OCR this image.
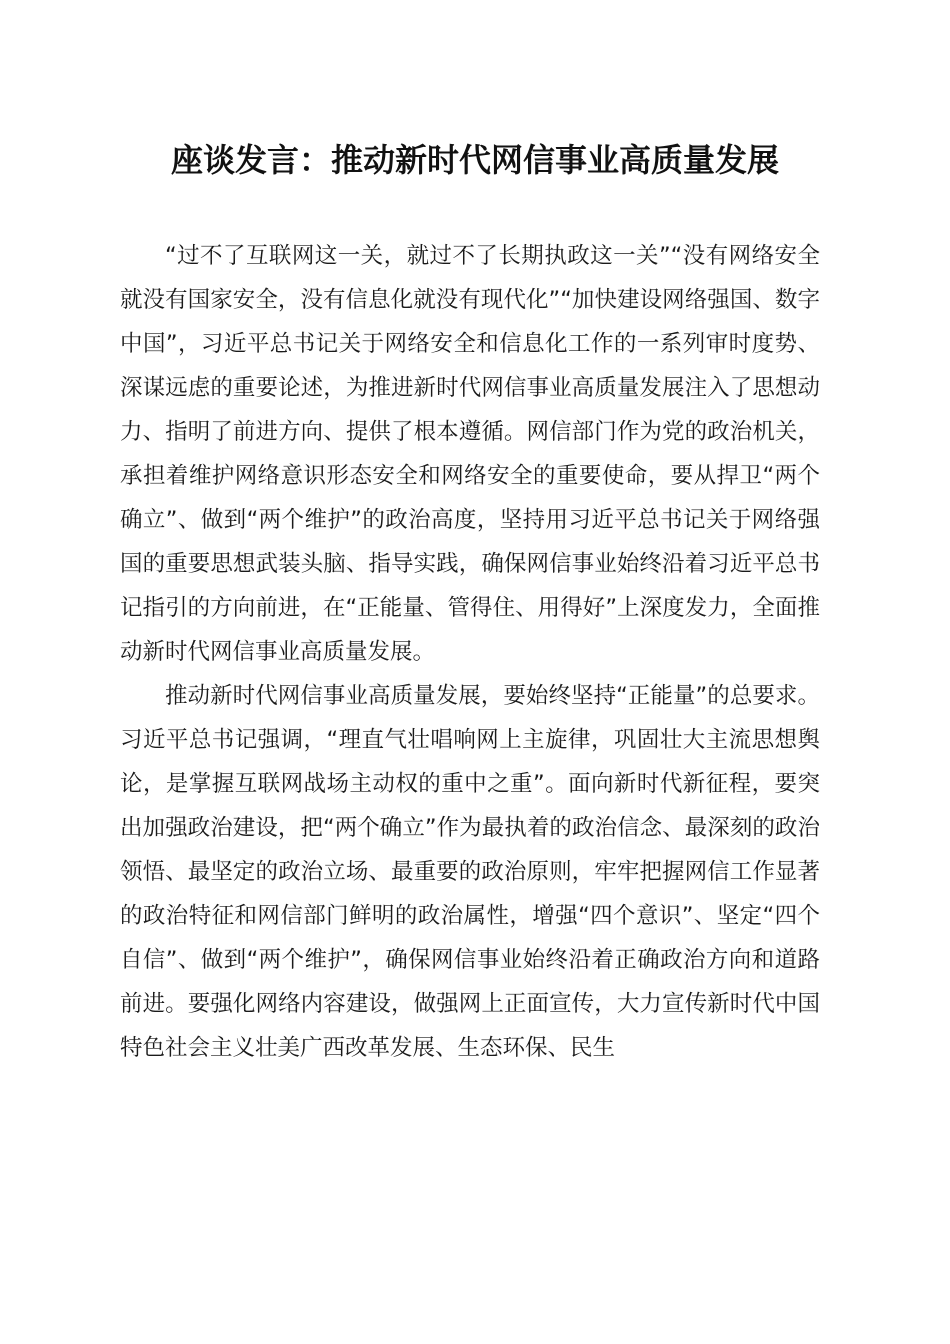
座谈发言：推动新时代网信事业高质量发展

“过不了互联网这一关，就过不了长期执政这一关”“没有网络安全就没有国家安全，没有信息化就没有现代化”“加快建设网络强国、数字中国”，习近平总书记关于网络安全和信息化工作的一系列审时度势、深谋远虑的重要论述，为推进新时代网信事业高质量发展注入了思想动力、指明了前进方向、提供了根本遵循。网信部门作为党的政治机关，承担着维护网络意识形态安全和网络安全的重要使命，要从捍卫“两个确立”、做到“两个维护”的政治高度，坚持用习近平总书记关于网络强国的重要思想武装头脑、指导实践，确保网信事业始终沿着习近平总书记指引的方向前进，在“正能量、管得住、用得好”上深度发力，全面推动新时代网信事业高质量发展。

推动新时代网信事业高质量发展，要始终坚持“正能量”的总要求。习近平总书记强调，“理直气壮唱响网上主旋律，巩固壮大主流思想舆论，是掌握互联网战场主动权的重中之重”。面向新时代新征程，要突出加强政治建设，把“两个确立”作为最执着的政治信念、最深刻的政治领悟、最坚定的政治立场、最重要的政治原则，牢牢把握网信工作显著的政治特征和网信部门鲜明的政治属性，增强“四个意识”、坚定“四个自信”、做到“两个维护”，确保网信事业始终沿着正确政治方向和道路前进。要强化网络内容建设，做强网上正面宣传，大力宣传新时代中国特色社会主义壮美广西改革发展、生态环保、民生
